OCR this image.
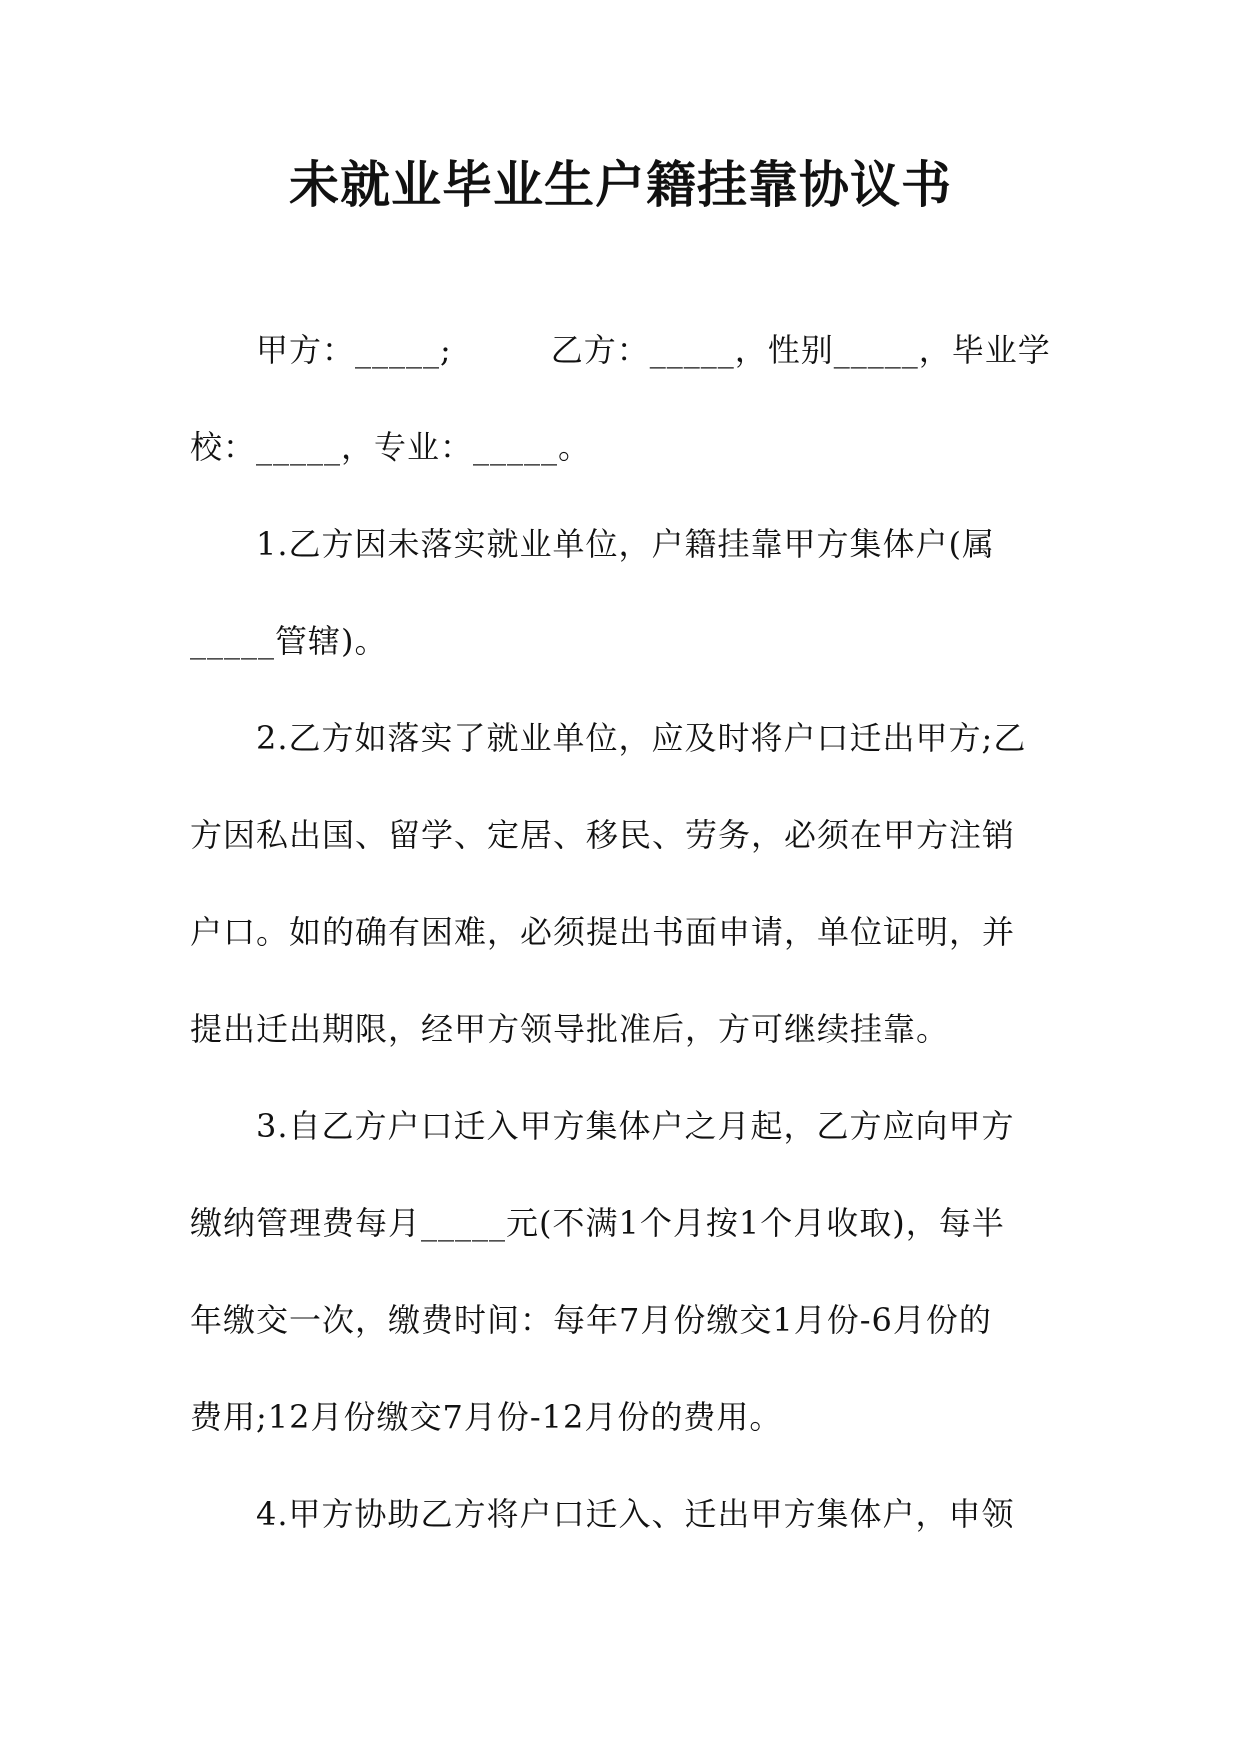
未就业毕业生户籍挂靠协议书

甲方：_____;　　　乙方：_____，性别_____，毕业学

校：_____，专业：_____。

1.乙方因未落实就业单位，户籍挂靠甲方集体户(属

_____管辖)。

2.乙方如落实了就业单位，应及时将户口迁出甲方;乙

方因私出国、留学、定居、移民、劳务，必须在甲方注销

户口。如的确有困难，必须提出书面申请，单位证明，并

提出迁出期限，经甲方领导批准后，方可继续挂靠。

3.自乙方户口迁入甲方集体户之月起，乙方应向甲方

缴纳管理费每月_____元(不满1个月按1个月收取)，每半

年缴交一次，缴费时间：每年7月份缴交1月份-6月份的

费用;12月份缴交7月份-12月份的费用。

4.甲方协助乙方将户口迁入、迁出甲方集体户，申领
